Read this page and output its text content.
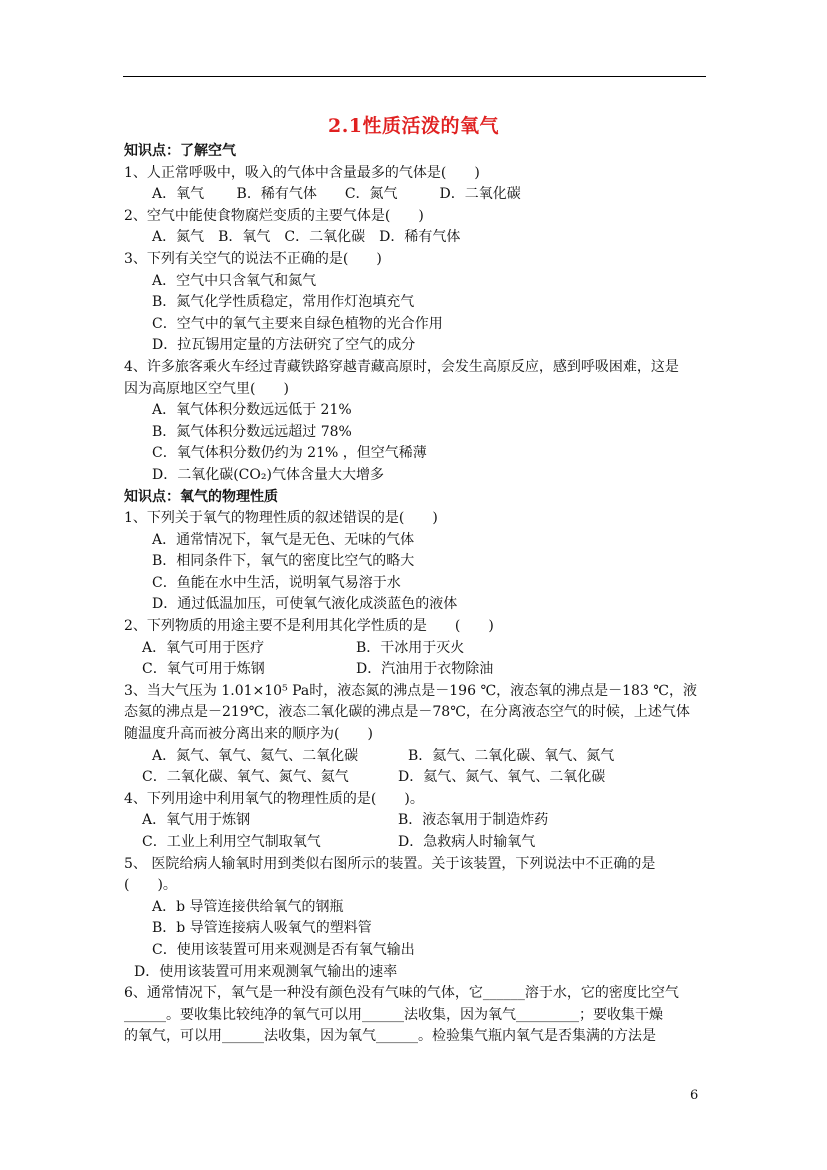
2.1性质活泼的氧气
知识点：了解空气
1、人正常呼吸中，吸入的气体中含量最多的气体是(　　)
A．氧气　　 B．稀有气体　　C．氮气　　　D．二氧化碳
2、空气中能使食物腐烂变质的主要气体是(　　)
A．氮气　B．氧气　C．二氧化碳　D．稀有气体
3、下列有关空气的说法不正确的是(　　)
A．空气中只含氧气和氮气
B．氮气化学性质稳定，常用作灯泡填充气
C．空气中的氧气主要来自绿色植物的光合作用
D．拉瓦锡用定量的方法研究了空气的成分
4、许多旅客乘火车经过青藏铁路穿越青藏高原时，会发生高原反应，感到呼吸困难，这是
因为高原地区空气里(　　)
A．氧气体积分数远远低于 21%
B．氮气体积分数远远超过 78%
C．氧气体积分数仍约为 21% ，但空气稀薄
D．二氧化碳(CO₂)气体含量大大增多
知识点：氧气的物理性质
1、下列关于氧气的物理性质的叙述错误的是(　　)
A．通常情况下，氧气是无色、无味的气体
B．相同条件下，氧气的密度比空气的略大
C．鱼能在水中生活，说明氧气易溶于水
D．通过低温加压，可使氧气液化成淡蓝色的液体
2、下列物质的用途主要不是利用其化学性质的是　　(　　)
A．氧气可用于医疗	B．干冰用于灭火
C．氧气可用于炼钢	D．汽油用于衣物除油
3、当大气压为 1.01×10⁵ Pa时，液态氮的沸点是－196 ℃，液态氧的沸点是－183 ℃，液
态氦的沸点是－219℃，液态二氧化碳的沸点是－78℃，在分离液态空气的时候，上述气体
随温度升高而被分离出来的顺序为(　　)
A．氮气、氧气、氦气、二氧化碳	B．氦气、二氧化碳、氧气、氮气
C．二氧化碳、氧气、氮气、氦气	D．氦气、氮气、氧气、二氧化碳
4、下列用途中利用氧气的物理性质的是(　　)。
A．氧气用于炼钢	B．液态氧用于制造炸药
C．工业上利用空气制取氧气	D．急救病人时输氧气
5、 医院给病人输氧时用到类似右图所示的装置。关于该装置，下列说法中不正确的是
(　　)。
A．b 导管连接供给氧气的钢瓶
B．b 导管连接病人吸氧气的塑料管
C．使用该装置可用来观测是否有氧气输出
D．使用该装置可用来观测氧气输出的速率
6、通常情况下，氧气是一种没有颜色没有气味的气体，它______溶于水，它的密度比空气
______。要收集比较纯净的氧气可以用______法收集，因为氧气_________；要收集干燥
的氧气，可以用______法收集，因为氧气______。检验集气瓶内氧气是否集满的方法是
6
